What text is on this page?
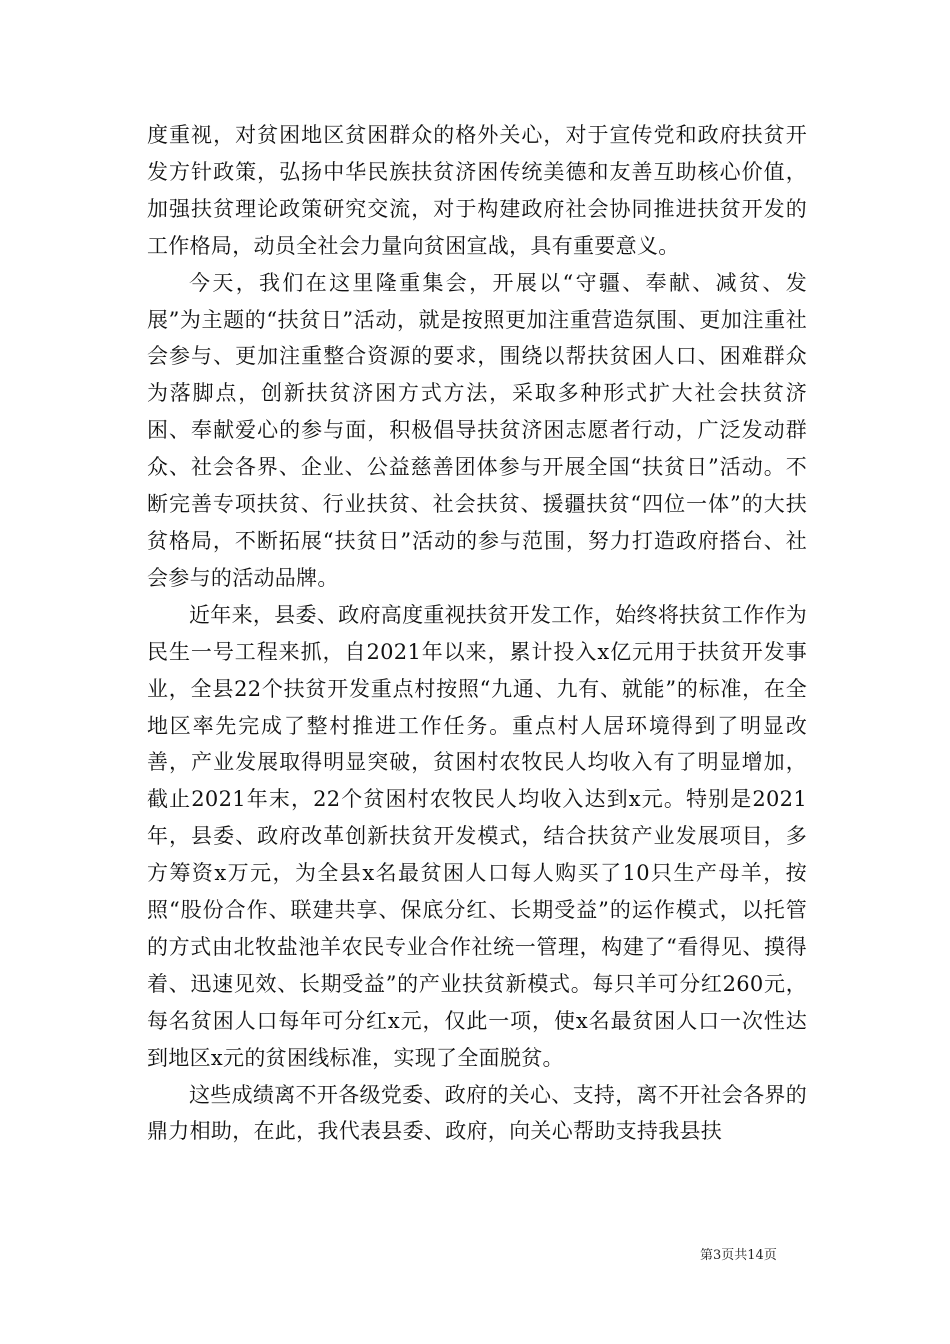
度重视，对贫困地区贫困群众的格外关心，对于宣传党和政府扶贫开发方针政策，弘扬中华民族扶贫济困传统美德和友善互助核心价值，加强扶贫理论政策研究交流，对于构建政府社会协同推进扶贫开发的工作格局，动员全社会力量向贫困宣战，具有重要意义。

今天，我们在这里隆重集会，开展以“守疆、奉献、减贫、发展”为主题的“扶贫日”活动，就是按照更加注重营造氛围、更加注重社会参与、更加注重整合资源的要求，围绕以帮扶贫困人口、困难群众为落脚点，创新扶贫济困方式方法，采取多种形式扩大社会扶贫济困、奉献爱心的参与面，积极倡导扶贫济困志愿者行动，广泛发动群众、社会各界、企业、公益慈善团体参与开展全国“扶贫日”活动。不断完善专项扶贫、行业扶贫、社会扶贫、援疆扶贫“四位一体”的大扶贫格局，不断拓展“扶贫日”活动的参与范围，努力打造政府搭台、社会参与的活动品牌。

近年来，县委、政府高度重视扶贫开发工作，始终将扶贫工作作为民生一号工程来抓，自2021年以来，累计投入x亿元用于扶贫开发事业，全县22个扶贫开发重点村按照“九通、九有、就能”的标准，在全地区率先完成了整村推进工作任务。重点村人居环境得到了明显改善，产业发展取得明显突破，贫困村农牧民人均收入有了明显增加，截止2021年末，22个贫困村农牧民人均收入达到x元。特别是2021年，县委、政府改革创新扶贫开发模式，结合扶贫产业发展项目，多方筹资x万元，为全县x名最贫困人口每人购买了10只生产母羊，按照“股份合作、联建共享、保底分红、长期受益”的运作模式，以托管的方式由北牧盐池羊农民专业合作社统一管理，构建了“看得见、摸得着、迅速见效、长期受益”的产业扶贫新模式。每只羊可分红260元，每名贫困人口每年可分红x元，仅此一项，使x名最贫困人口一次性达到地区x元的贫困线标准，实现了全面脱贫。

这些成绩离不开各级党委、政府的关心、支持，离不开社会各界的鼎力相助，在此，我代表县委、政府，向关心帮助支持我县扶

第3页共14页
